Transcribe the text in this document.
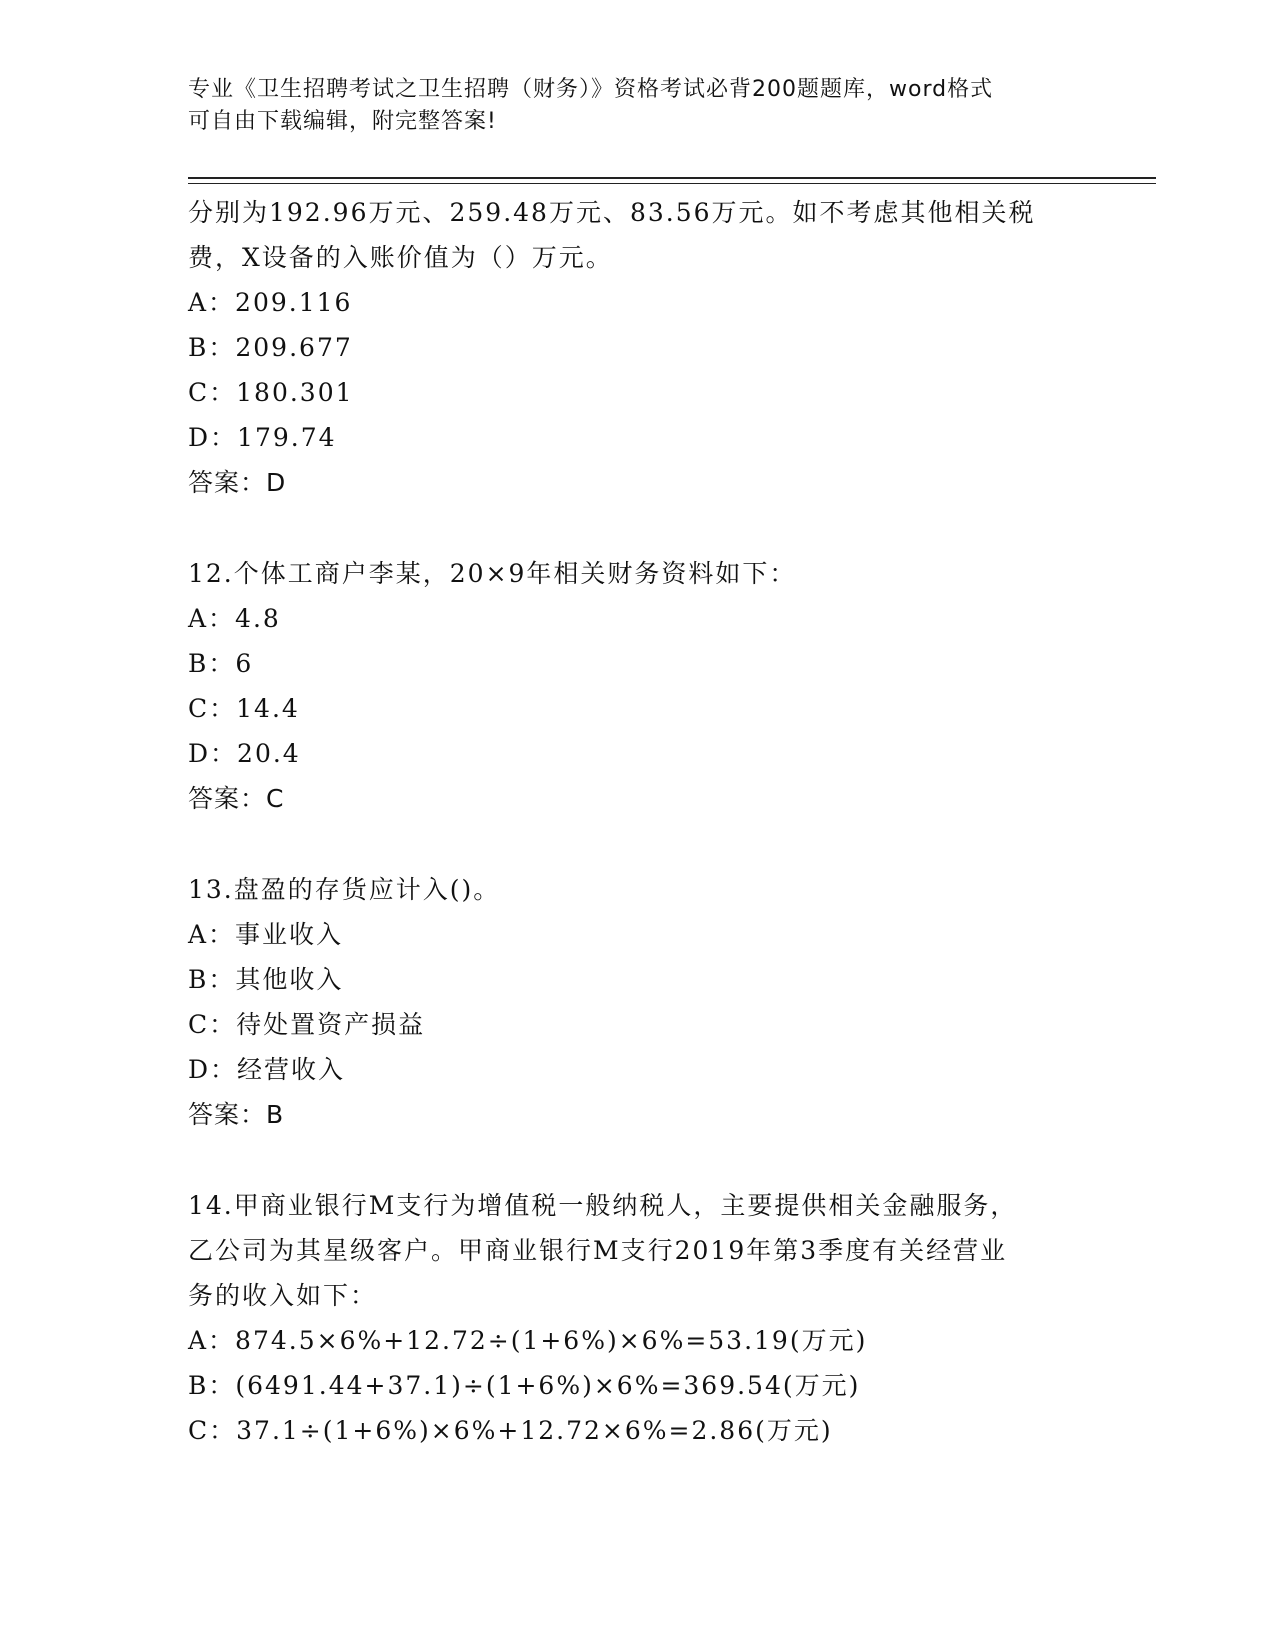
专业《卫生招聘考试之卫生招聘（财务）》资格考试必背200题题库，word格式
可自由下载编辑，附完整答案!
分别为192.96万元、259.48万元、83.56万元。如不考虑其他相关税
费，X设备的入账价值为（）万元。
A：209.116
B：209.677
C：180.301
D：179.74
答案：D
12.个体工商户李某，20×9年相关财务资料如下：
A：4.8
B：6
C：14.4
D：20.4
答案：C
13.盘盈的存货应计入()。
A：事业收入
B：其他收入
C：待处置资产损益
D：经营收入
答案：B
14.甲商业银行M支行为增值税一般纳税人，主要提供相关金融服务，
乙公司为其星级客户。甲商业银行M支行2019年第3季度有关经营业
务的收入如下：
A：874.5×6%+12.72÷(1+6%)×6%=53.19(万元)
B：(6491.44+37.1)÷(1+6%)×6%=369.54(万元)
C：37.1÷(1+6%)×6%+12.72×6%=2.86(万元)
